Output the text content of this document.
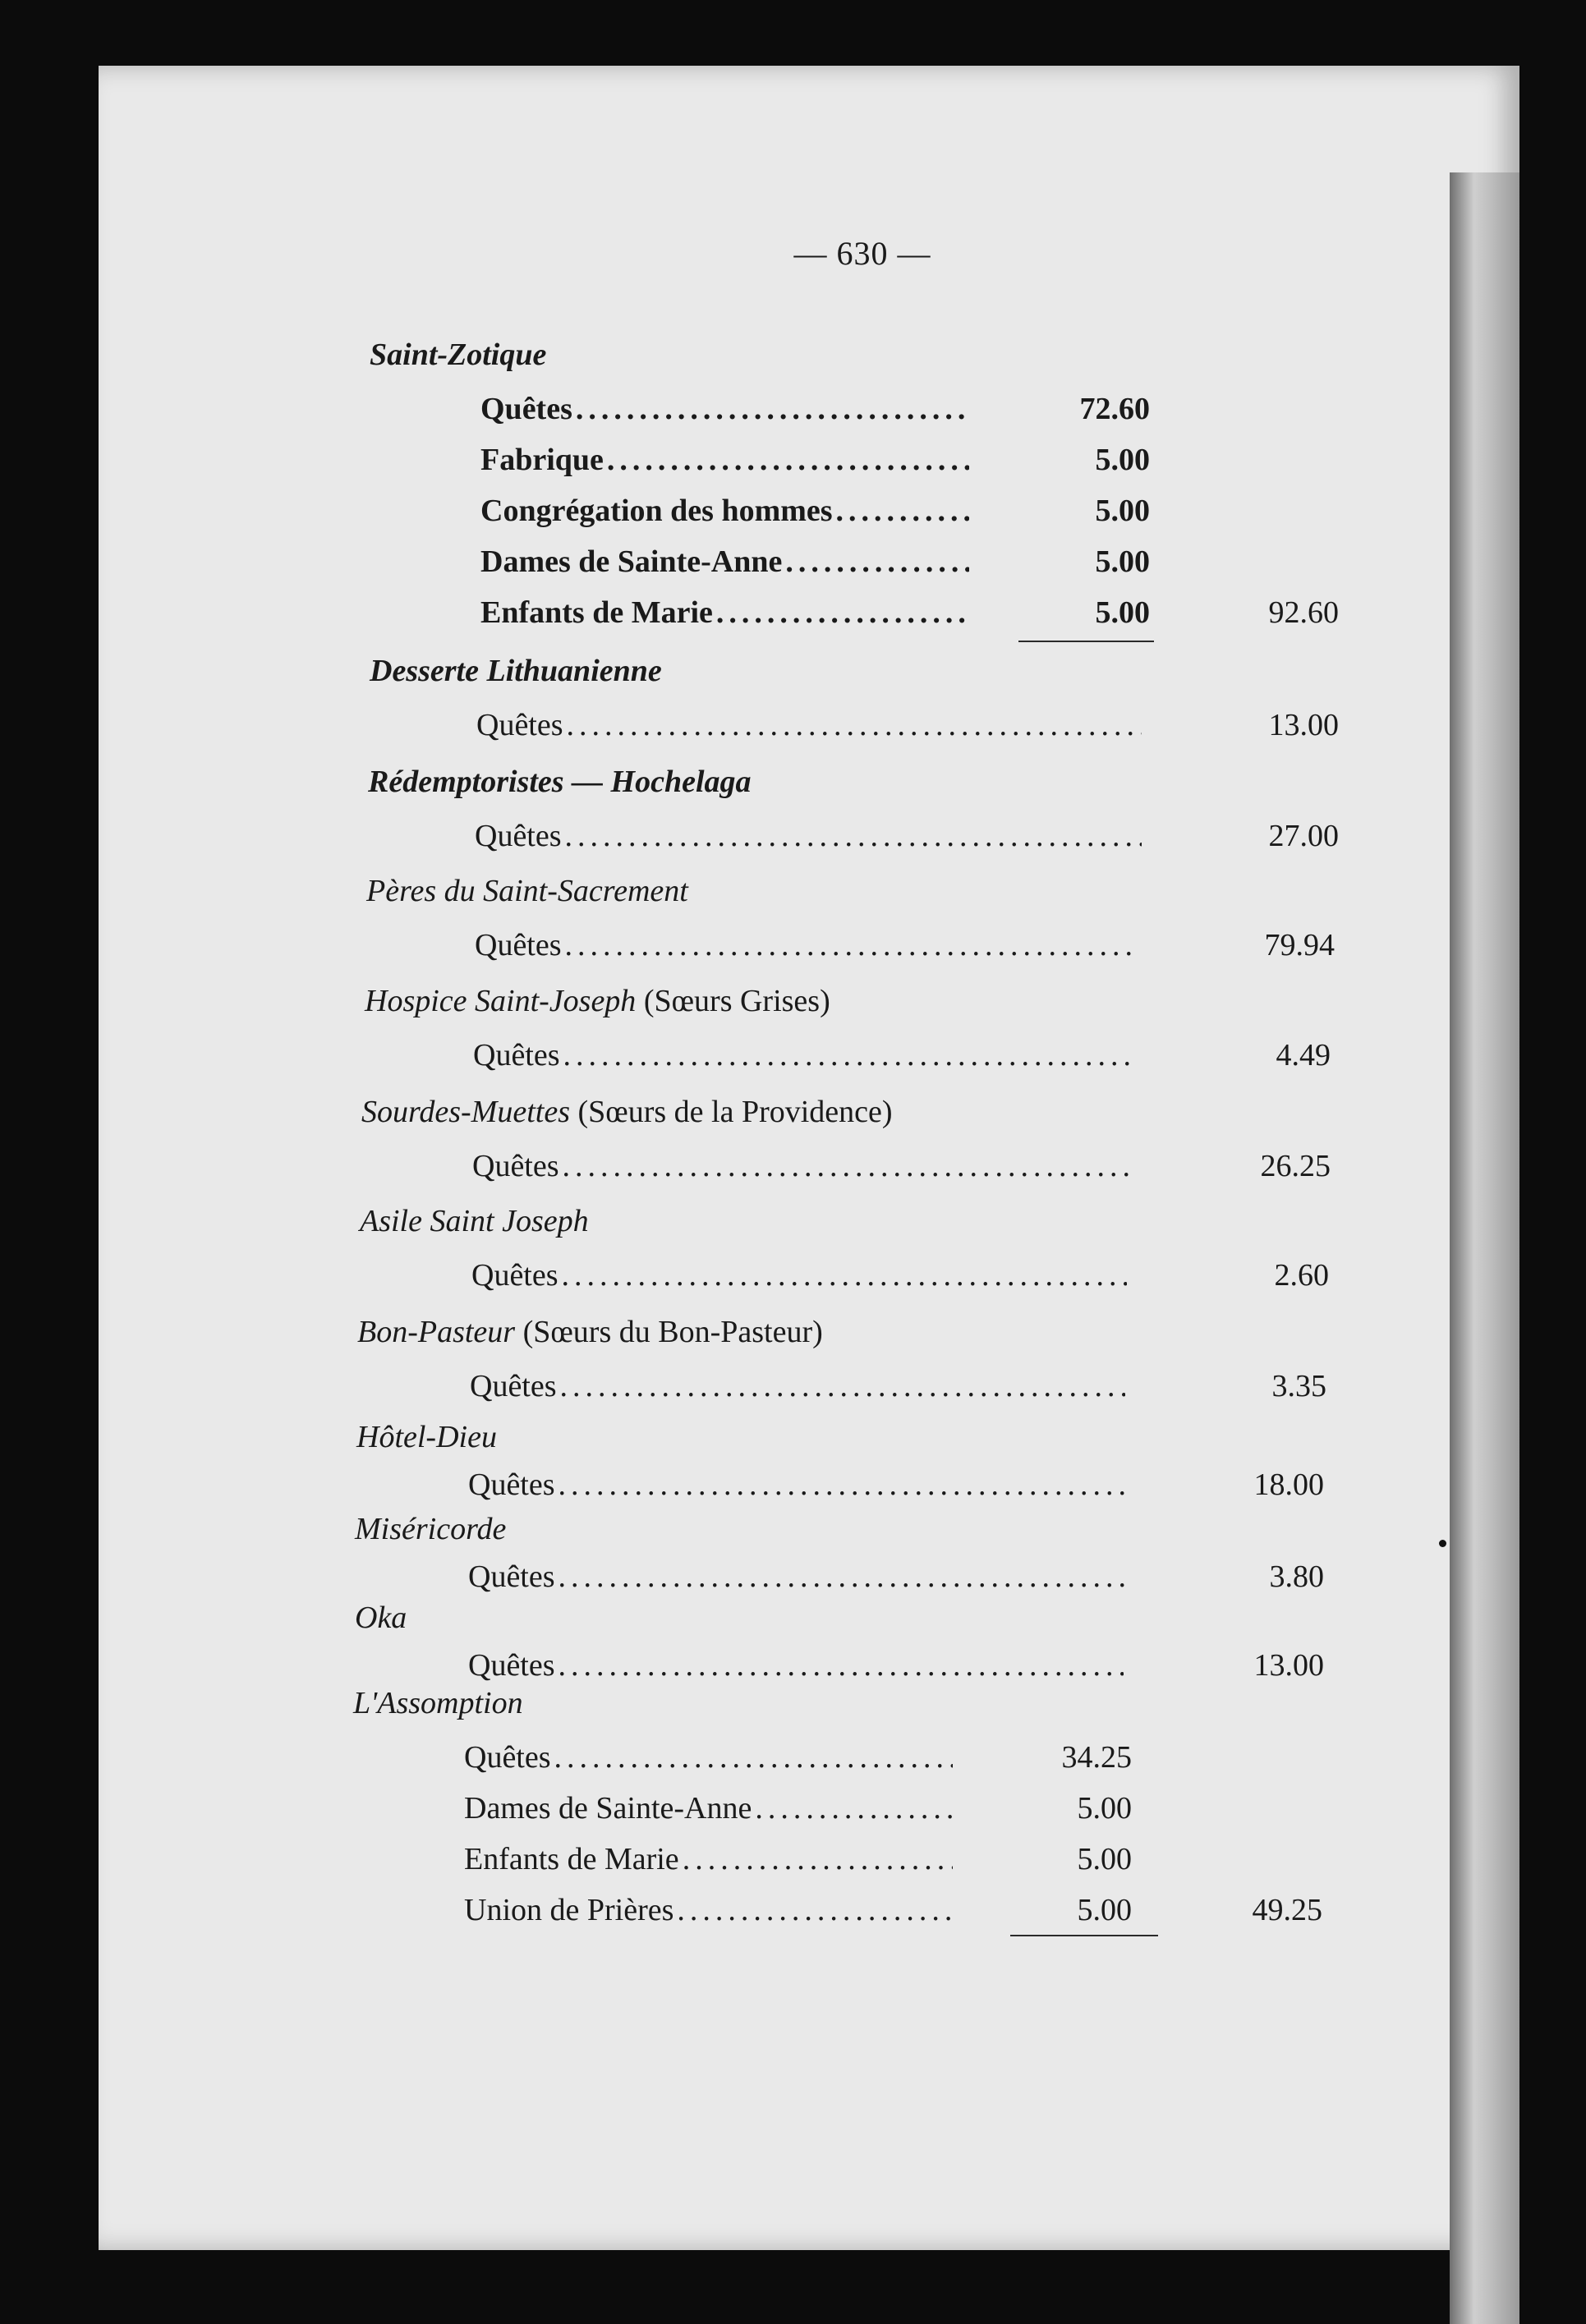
— 630 —
Saint-Zotique
Quêtes .....	72.60
Fabrique .....	5.00
Congrégation des hommes .....	5.00
Dames de Sainte-Anne .....	5.00
Enfants de Marie .....	5.00	92.60
Desserte Lithuanienne
Quêtes .....	13.00
Rédemptoristes — Hochelaga
Quêtes .....	27.00
Pères du Saint-Sacrement
Quêtes .....	79.94
Hospice Saint-Joseph (Sœurs Grises)
Quêtes .....	4.49
Sourdes-Muettes (Sœurs de la Providence)
Quêtes .....	26.25
Asile Saint Joseph
Quêtes .....	2.60
Bon-Pasteur (Sœurs du Bon-Pasteur)
Quêtes .....	3.35
Hôtel-Dieu
Quêtes .....	18.00
Miséricorde
Quêtes .....	3.80
Oka
Quêtes .....	13.00
L'Assomption
Quêtes .....	34.25
Dames de Sainte-Anne .....	5.00
Enfants de Marie .....	5.00
Union de Prières .....	5.00	49.25
